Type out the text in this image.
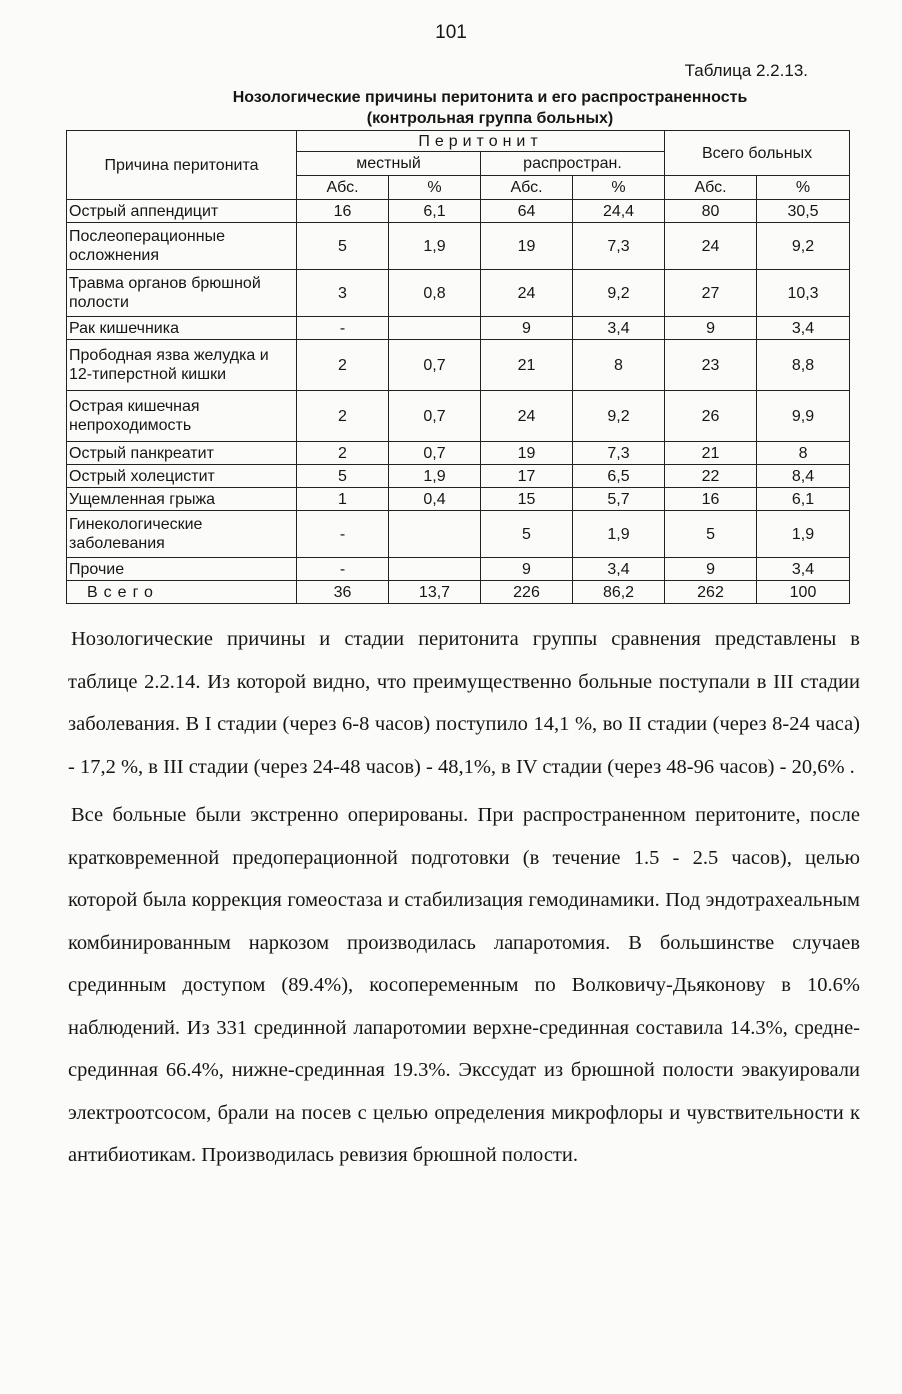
101
Таблица 2.2.13.
Нозологические причины перитонита и его распространенность
(контрольная группа больных)
Причина перитонита	Перитонит				Всего больных	
	местный		распростран.			
	Абс.	%	Абс.	%	Абс.	%
Острый аппендицит	16	6,1	64	24,4	80	30,5
Послеоперационные осложнения	5	1,9	19	7,3	24	9,2
Травма органов брюшной полости	3	0,8	24	9,2	27	10,3
Рак кишечника	-		9	3,4	9	3,4
Прободная язва желудка и 12-типерстной кишки	2	0,7	21	8	23	8,8
Острая кишечная непроходимость	2	0,7	24	9,2	26	9,9
Острый панкреатит	2	0,7	19	7,3	21	8
Острый холецистит	5	1,9	17	6,5	22	8,4
Ущемленная грыжа	1	0,4	15	5,7	16	6,1
Гинекологические заболевания	-		5	1,9	5	1,9
Прочие	-		9	3,4	9	3,4
Всего	36	13,7	226	86,2	262	100

Нозологические причины и стадии перитонита группы сравнения представлены в таблице 2.2.14. Из которой видно, что преимущественно больные поступали в III стадии заболевания. В I стадии (через 6-8 часов) поступило 14,1 %, во II стадии (через 8-24 часа) - 17,2 %, в III стадии (через 24-48 часов) - 48,1%, в IV стадии (через 48-96 часов) - 20,6% .

Все больные были экстренно оперированы. При распространенном перитоните, после кратковременной предоперационной подготовки (в течение 1.5 - 2.5 часов), целью которой была коррекция гомеостаза и стабилизация гемодинамики. Под эндотрахеальным комбинированным наркозом производилась лапаротомия. В большинстве случаев срединным доступом (89.4%), косопеременным по Волковичу-Дьяконову в 10.6% наблюдений. Из 331 срединной лапаротомии верхне-срединная составила 14.3%, средне-срединная 66.4%, нижне-срединная 19.3%. Экссудат из брюшной полости эвакуировали электроотсосом, брали на посев с целью определения микрофлоры и чувствительности к антибиотикам. Производилась ревизия брюшной полости.
